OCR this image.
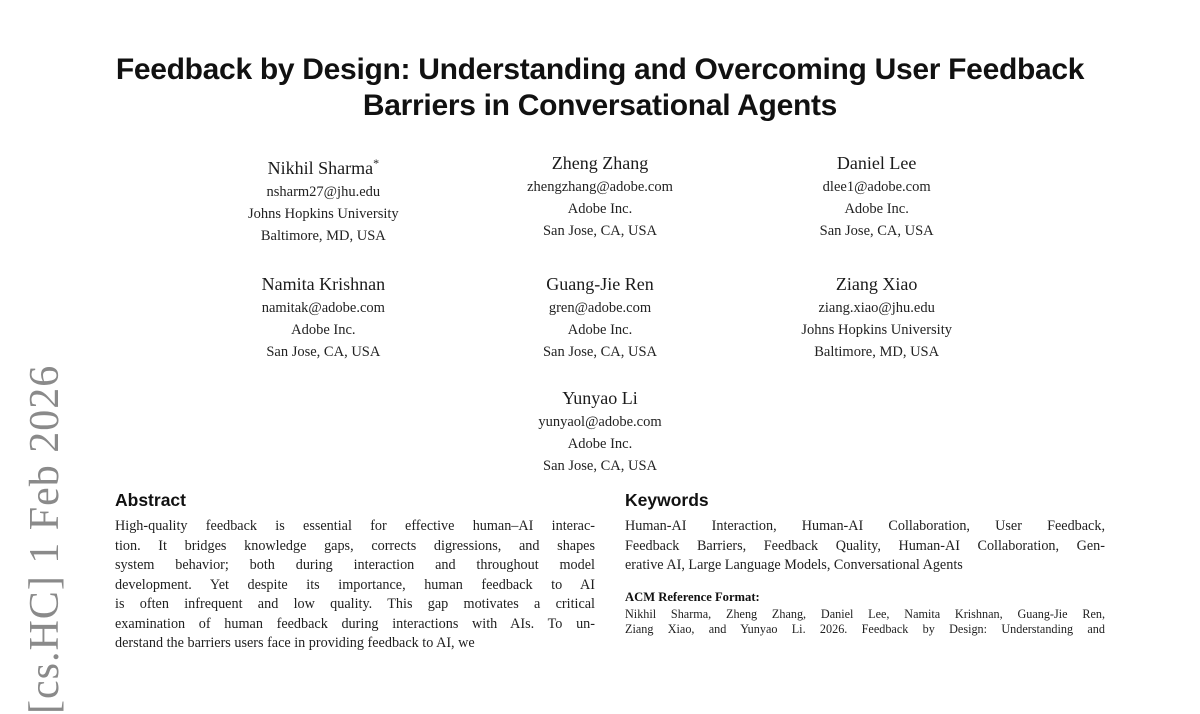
[cs.HC] 1 Feb 2026
Feedback by Design: Understanding and Overcoming User Feedback Barriers in Conversational Agents
Nikhil Sharma*
nsharm27@jhu.edu
Johns Hopkins University
Baltimore, MD, USA
Zheng Zhang
zhengzhang@adobe.com
Adobe Inc.
San Jose, CA, USA
Daniel Lee
dlee1@adobe.com
Adobe Inc.
San Jose, CA, USA
Namita Krishnan
namitak@adobe.com
Adobe Inc.
San Jose, CA, USA
Guang-Jie Ren
gren@adobe.com
Adobe Inc.
San Jose, CA, USA
Ziang Xiao
ziang.xiao@jhu.edu
Johns Hopkins University
Baltimore, MD, USA
Yunyao Li
yunyaol@adobe.com
Adobe Inc.
San Jose, CA, USA
Abstract
High-quality feedback is essential for effective human–AI interac-
tion. It bridges knowledge gaps, corrects digressions, and shapes
system behavior; both during interaction and throughout model
development. Yet despite its importance, human feedback to AI
is often infrequent and low quality. This gap motivates a critical
examination of human feedback during interactions with AIs. To un-
derstand the barriers users face in providing feedback to AI, we
Keywords
Human-AI Interaction, Human-AI Collaboration, User Feedback,
Feedback Barriers, Feedback Quality, Human-AI Collaboration, Gen-
erative AI, Large Language Models, Conversational Agents
ACM Reference Format:
Nikhil Sharma, Zheng Zhang, Daniel Lee, Namita Krishnan, Guang-Jie Ren,
Ziang Xiao, and Yunyao Li. 2026. Feedback by Design: Understanding and
